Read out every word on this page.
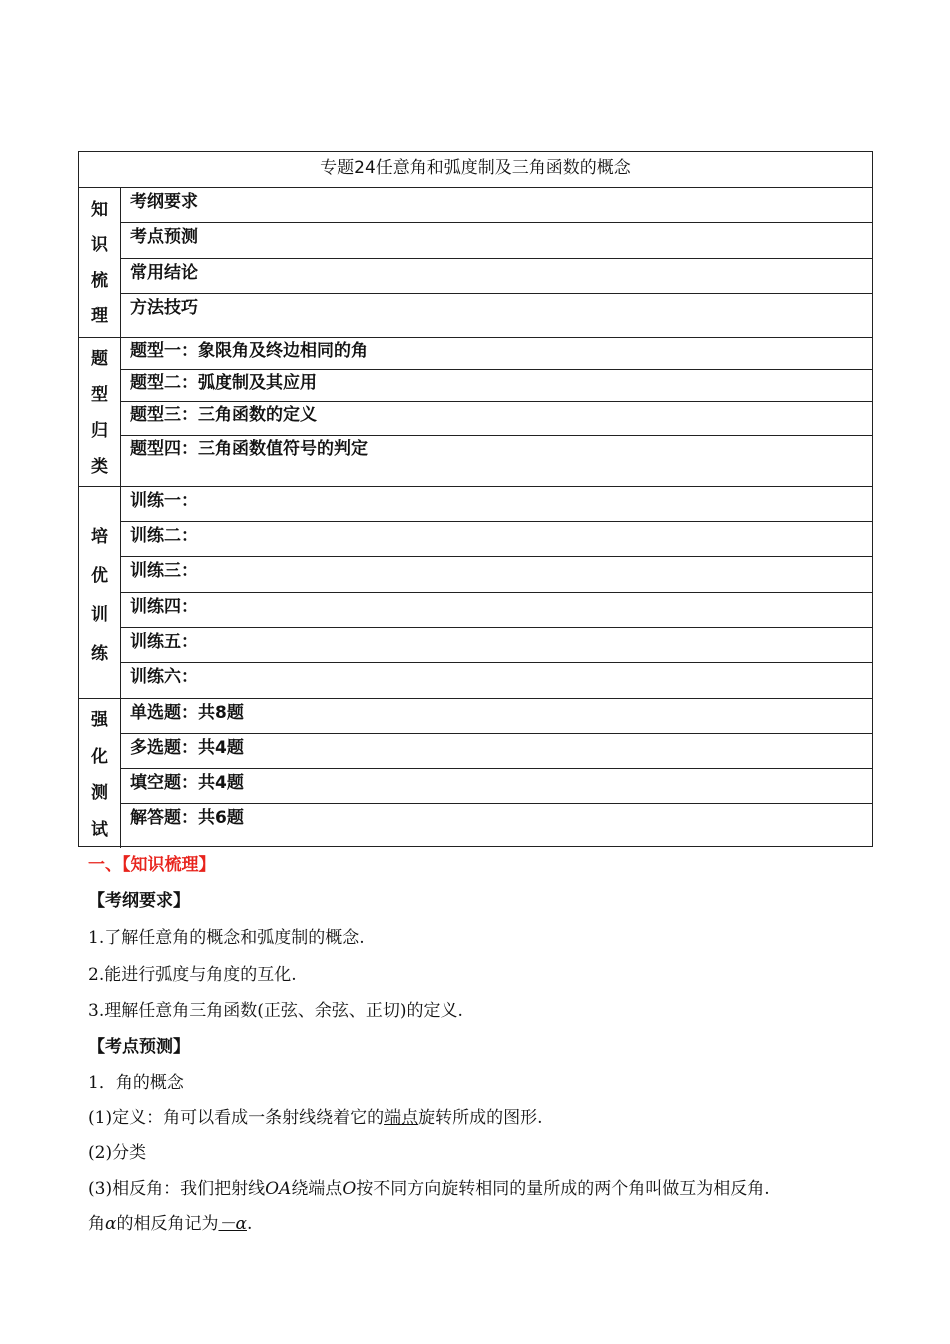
专题24任意角和弧度制及三角函数的概念
知
识
梳
理
考纲要求
考点预测
常用结论
方法技巧
题
型
归
类
题型一：象限角及终边相同的角
题型二：弧度制及其应用
题型三：三角函数的定义
题型四：三角函数值符号的判定
培
优
训
练
训练一：
训练二：
训练三：
训练四：
训练五：
训练六：
强
化
测
试
单选题：共8题
多选题：共4题
填空题：共4题
解答题：共6题
一、【知识梳理】
【考纲要求】
1.了解任意角的概念和弧度制的概念.
2.能进行弧度与角度的互化.
3.理解任意角三角函数(正弦、余弦、正切)的定义.
【考点预测】
1．角的概念
(1)定义：角可以看成一条射线绕着它的端点旋转所成的图形.
(2)分类
(3)相反角：我们把射线OA绕端点O按不同方向旋转相同的量所成的两个角叫做互为相反角.
角α的相反角记为－α.
